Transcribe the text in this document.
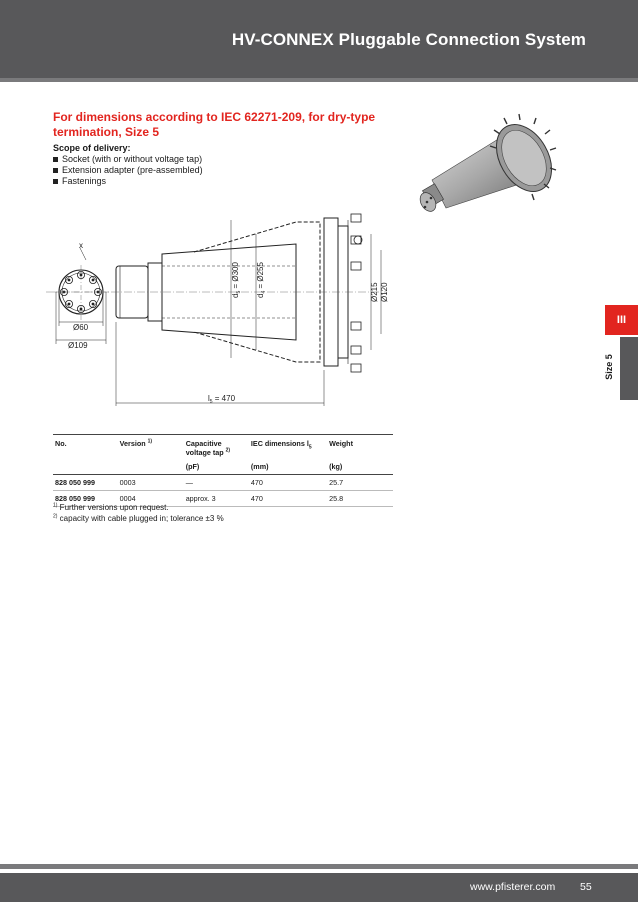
HV-CONNEX Pluggable Connection System

For dimensions according to IEC 62271-209, for dry-type termination, Size 5

Scope of delivery:

Socket (with or without voltage tap)
Extension adapter (pre-assembled)
Fastenings
x
Ø60
Ø109
$d_5$ = Ø300
$d_4$ = Ø255
Ø215 Ø120
$l_5 = 470$
III
Size 5
No.	Version $^{1)}$	Capacitive voltage tap $^{2)}$	IEC dimensions $l_5$	Weight
		(pF)	(mm)	(kg)
828 050 999	0003	—	470	25.7
828 050 999	0004	approx. 3	470	25.8

$^{1)}$ Further versions upon request.

$^{2)}$ capacity with cable plugged in; tolerance ±3 %

www.pfisterer.com 55
